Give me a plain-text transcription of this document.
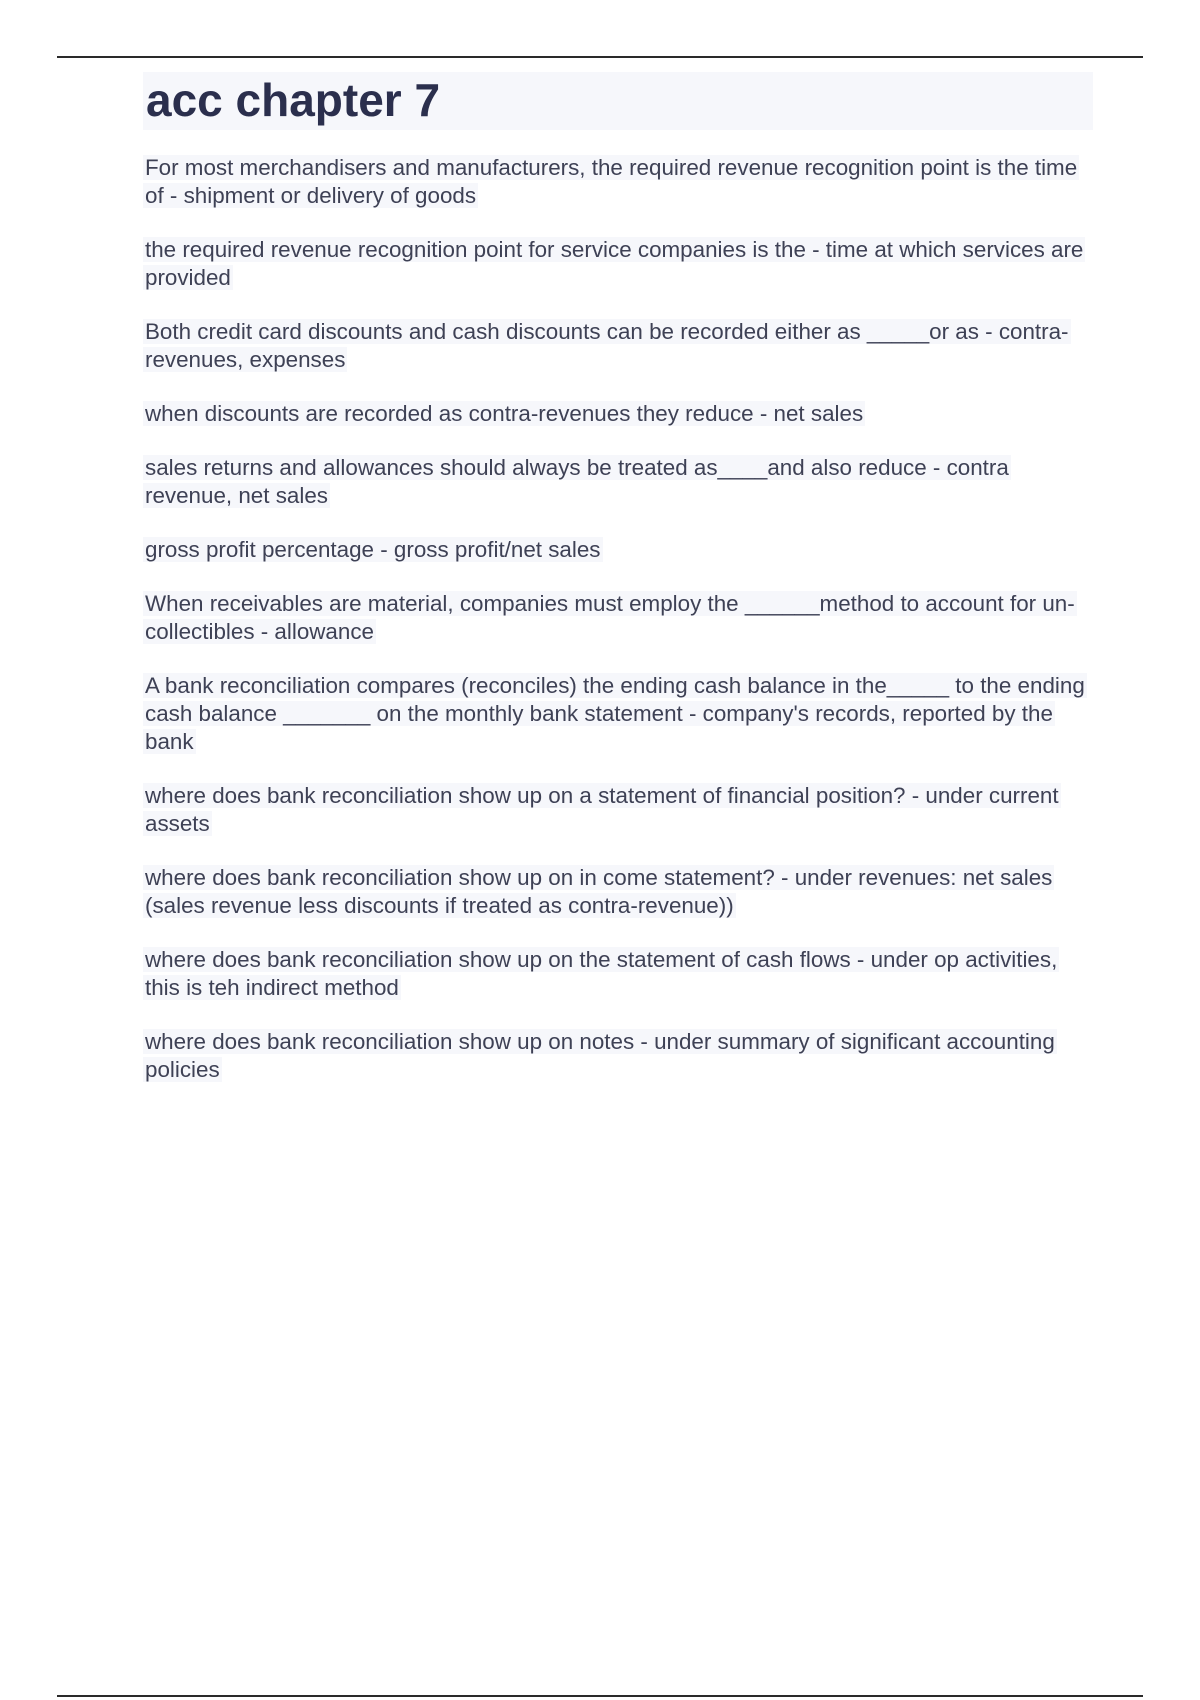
acc chapter 7
For most merchandisers and manufacturers, the required revenue recognition point is the time of - shipment or delivery of goods
the required revenue recognition point for service companies is the - time at which services are provided
Both credit card discounts and cash discounts can be recorded either as _____or as - contra-revenues, expenses
when discounts are recorded as contra-revenues they reduce - net sales
sales returns and allowances should always be treated as____and also reduce - contra revenue, net sales
gross profit percentage - gross profit/net sales
When receivables are material, companies must employ the ______method to account for un-collectibles - allowance
A bank reconciliation compares (reconciles) the ending cash balance in the_____ to the ending cash balance _______ on the monthly bank statement - company's records, reported by the bank
where does bank reconciliation show up on a statement of financial position? - under current assets
where does bank reconciliation show up on in come statement? - under revenues: net sales (sales revenue less discounts if treated as contra-revenue))
where does bank reconciliation show up on the statement of cash flows - under op activities, this is teh indirect method
where does bank reconciliation show up on notes - under summary of significant accounting policies
